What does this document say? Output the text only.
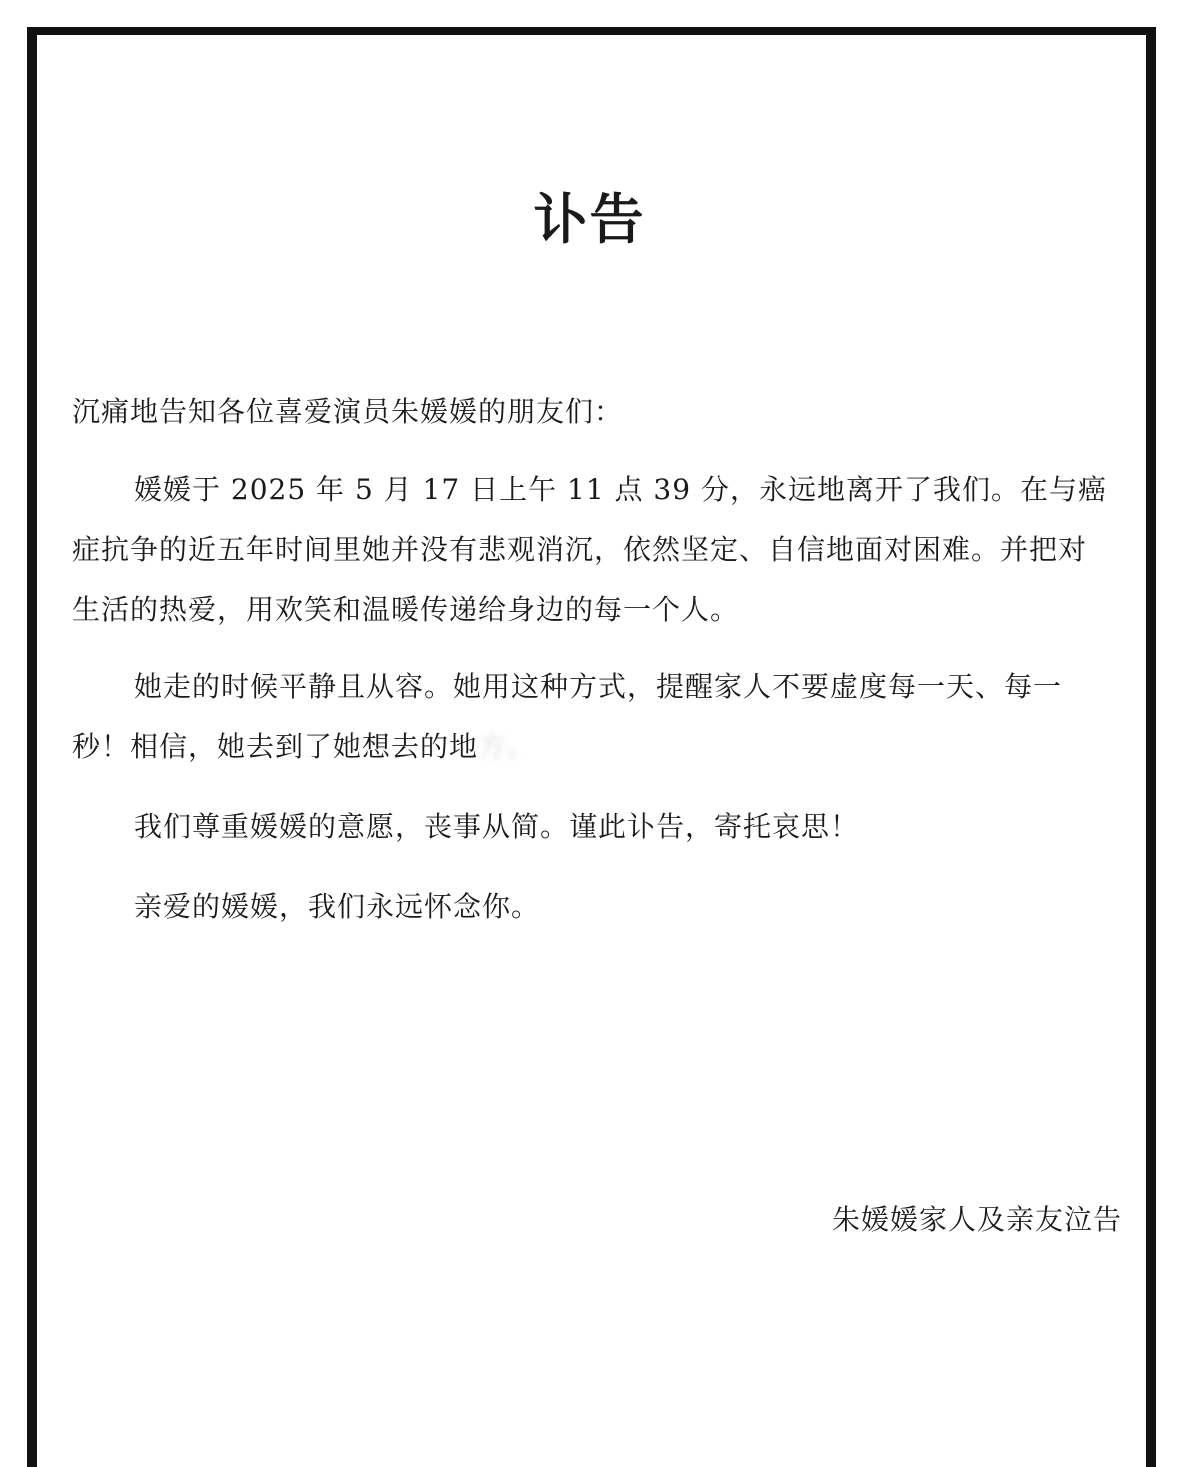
讣告
沉痛地告知各位喜爱演员朱媛媛的朋友们：
媛媛于 2025 年 5 月 17 日上午 11 点 39 分，永远地离开了我们。在与癌症抗争的近五年时间里她并没有悲观消沉，依然坚定、自信地面对困难。并把对生活的热爱，用欢笑和温暖传递给身边的每一个人。
她走的时候平静且从容。她用这种方式，提醒家人不要虚度每一天、每一秒！相信，她去到了她想去的地方。
我们尊重媛媛的意愿，丧事从简。谨此讣告，寄托哀思！
亲爱的媛媛，我们永远怀念你。
朱媛媛家人及亲友泣告
